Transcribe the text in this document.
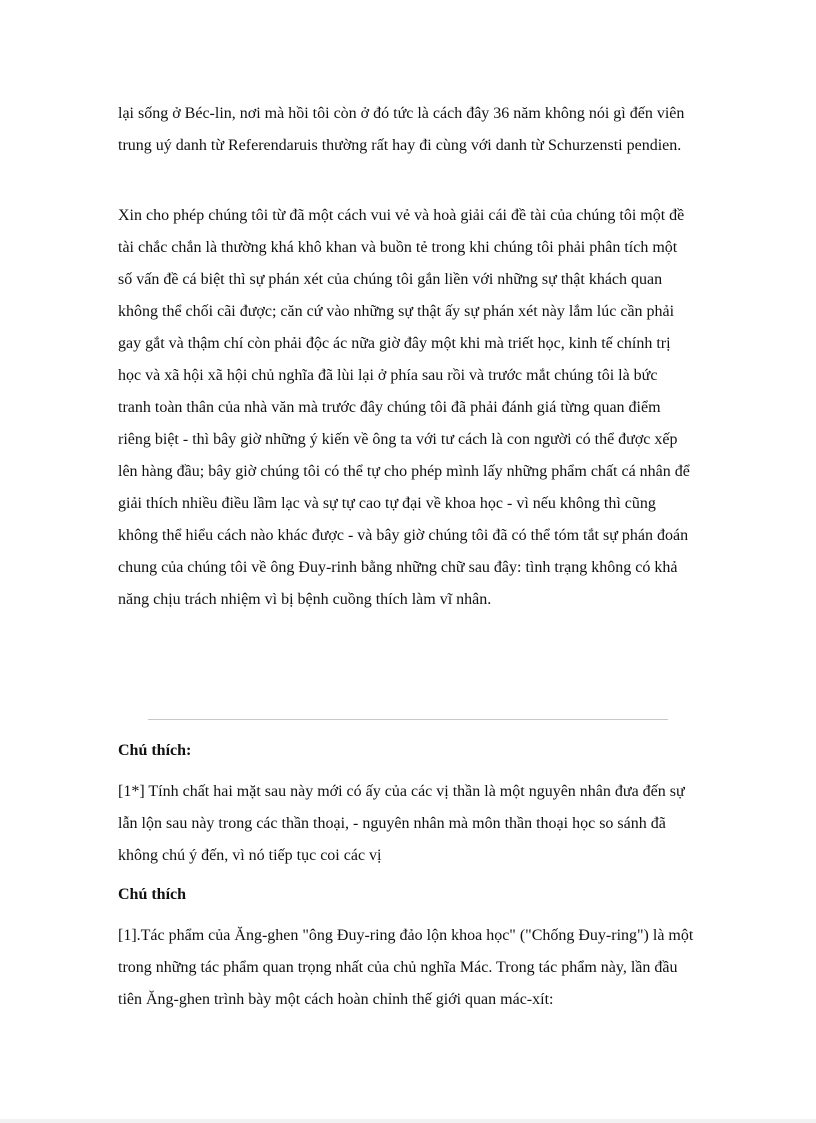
lại sống ở Béc-lin, nơi mà hồi tôi còn ở đó tức là cách đây 36 năm không nói gì đến viên trung uý danh từ Referendaruis thường rất hay đi cùng với danh từ Schurzensti pendien.

Xin cho phép chúng tôi từ đã một cách vui vẻ và hoà giải cái đề tài của chúng tôi một đề tài chắc chắn là thường khá khô khan và buồn tẻ trong khi chúng tôi phải phân tích một số vấn đề cá biệt thì sự phán xét của chúng tôi gắn liền với những sự thật khách quan không thể chối cãi được; căn cứ vào những sự thật ấy sự phán xét này lắm lúc cần phải gay gắt và thậm chí còn phải độc ác nữa giờ đây một khi mà triết học, kinh tế chính trị học và xã hội xã hội chủ nghĩa đã lùi lại ở phía sau rồi và trước mắt chúng tôi là bức tranh toàn thân của nhà văn mà trước đây chúng tôi đã phải đánh giá từng quan điểm riêng biệt - thì bây giờ những ý kiến về ông ta với tư cách là con người có thể được xếp lên hàng đầu; bây giờ chúng tôi có thể tự cho phép mình lấy những phẩm chất cá nhân để giải thích nhiều điều lầm lạc và sự tự cao tự đại về khoa học - vì nếu không thì cũng không thể hiểu cách nào khác được - và bây giờ chúng tôi đã có thể tóm tắt sự phán đoán chung của chúng tôi về ông Đuy-rinh bằng những chữ sau đây: tình trạng không có khả năng chịu trách nhiệm vì bị bệnh cuồng thích làm vĩ nhân.

Chú thích:

[1*] Tính chất hai mặt sau này mới có ấy của các vị thần là một nguyên nhân đưa đến sự lẫn lộn sau này trong các thần thoại, - nguyên nhân mà môn thần thoại học so sánh đã không chú ý đến, vì nó tiếp tục coi các vị

Chú thích

[1].Tác phẩm của Ăng-ghen "ông Đuy-ring đảo lộn khoa học" ("Chống Đuy-ring") là một trong những tác phẩm quan trọng nhất của chủ nghĩa Mác. Trong tác phẩm này, lần đầu tiên Ăng-ghen trình bày một cách hoàn chỉnh thế giới quan mác-xít:
